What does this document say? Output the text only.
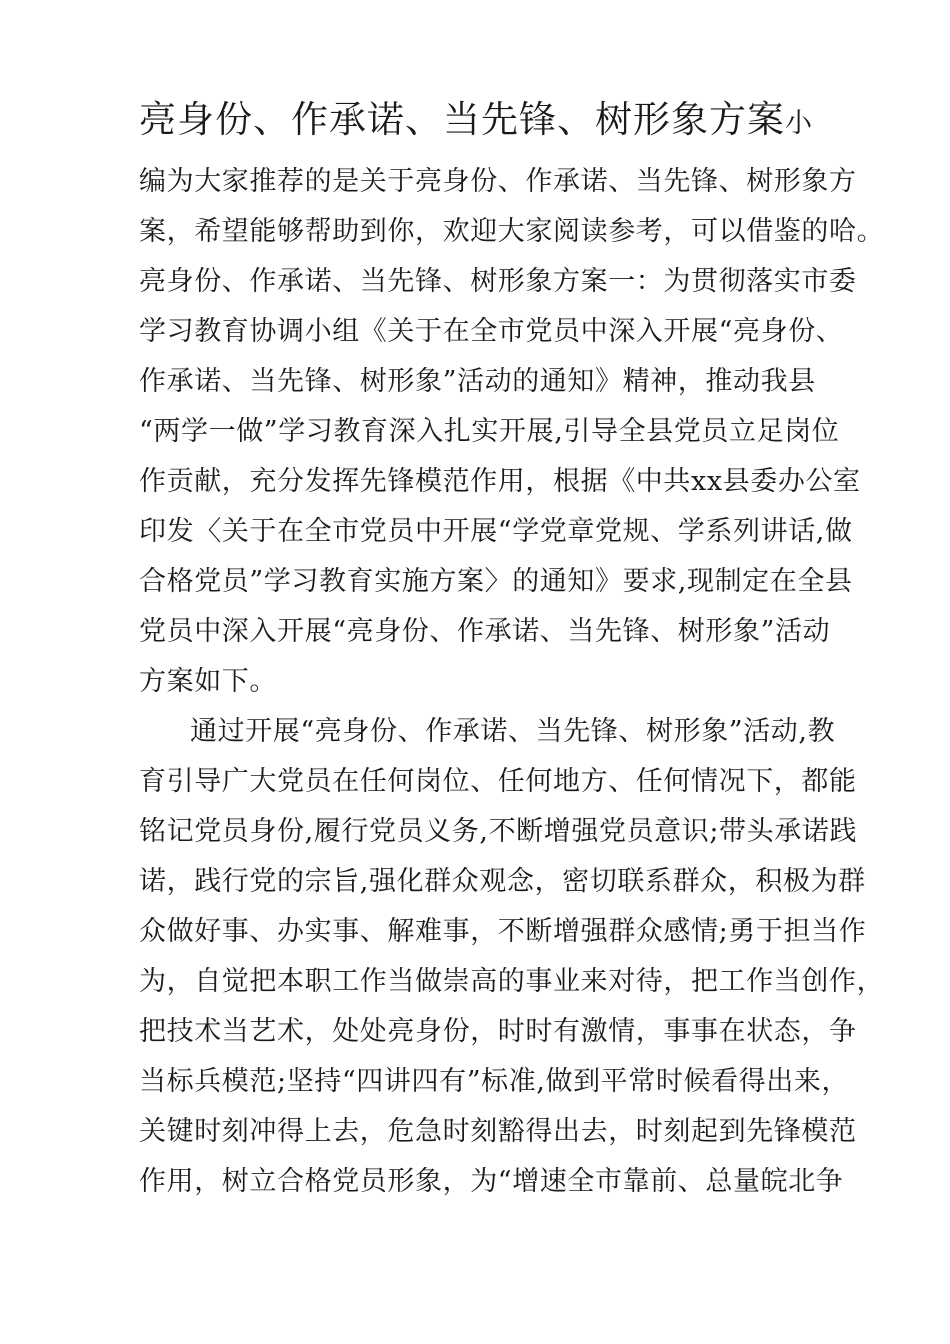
亮身份、作承诺、当先锋、树形象方案小
编为大家推荐的是关于亮身份、作承诺、当先锋、树形象方
案，希望能够帮助到你，欢迎大家阅读参考，可以借鉴的哈。
亮身份、作承诺、当先锋、树形象方案一：为贯彻落实市委
学习教育协调小组《关于在全市党员中深入开展“亮身份、
作承诺、当先锋、树形象”活动的通知》精神，推动我县
“两学一做”学习教育深入扎实开展,引导全县党员立足岗位
作贡献，充分发挥先锋模范作用，根据《中共xx县委办公室
印发〈关于在全市党员中开展“学党章党规、学系列讲话,做
合格党员”学习教育实施方案〉的通知》要求,现制定在全县
党员中深入开展“亮身份、作承诺、当先锋、树形象”活动
方案如下。
通过开展“亮身份、作承诺、当先锋、树形象”活动,教
育引导广大党员在任何岗位、任何地方、任何情况下，都能
铭记党员身份,履行党员义务,不断增强党员意识;带头承诺践
诺，践行党的宗旨,强化群众观念，密切联系群众，积极为群
众做好事、办实事、解难事，不断增强群众感情;勇于担当作
为，自觉把本职工作当做崇高的事业来对待，把工作当创作，
把技术当艺术，处处亮身份，时时有激情，事事在状态，争
当标兵模范;坚持“四讲四有”标准,做到平常时候看得出来，
关键时刻冲得上去，危急时刻豁得出去，时刻起到先锋模范
作用，树立合格党员形象，为“增速全市靠前、总量皖北争
